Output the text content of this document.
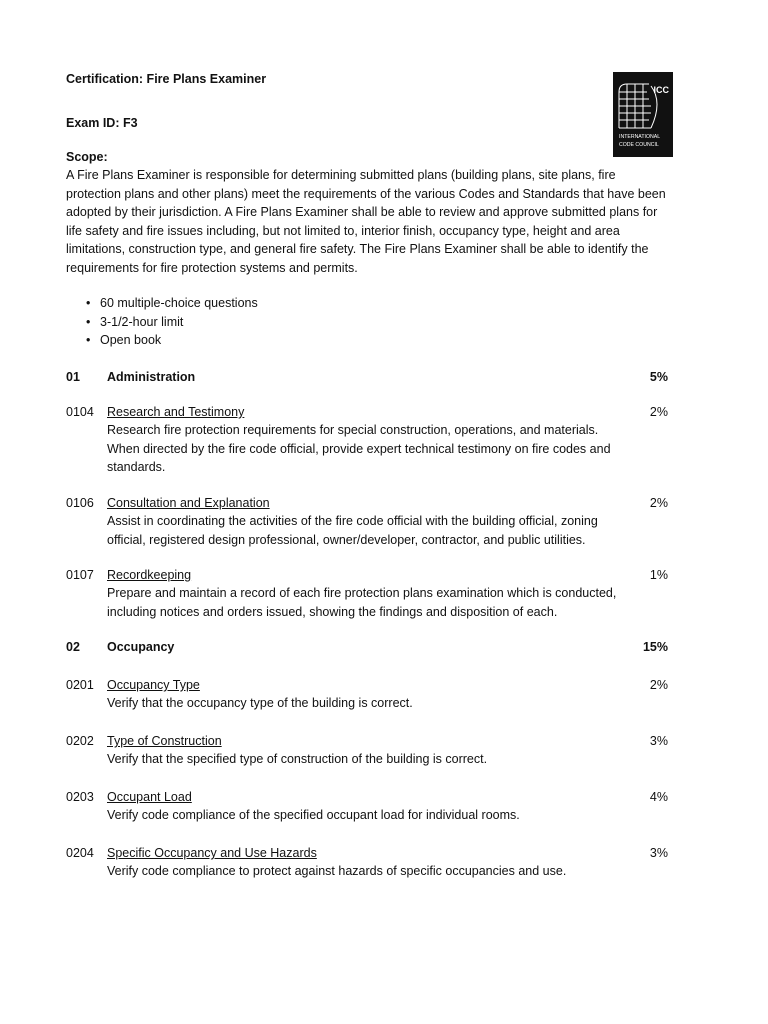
Certification: Fire Plans Examiner
Exam ID: F3
Scope:
ICC
INTERNATIONAL
CODE COUNCIL
A Fire Plans Examiner is responsible for determining submitted plans (building plans, site plans, fire protection plans and other plans) meet the requirements of the various Codes and Standards that have been adopted by their jurisdiction. A Fire Plans Examiner shall be able to review and approve submitted plans for life safety and fire issues including, but not limited to, interior finish, occupancy type, height and area limitations, construction type, and general fire safety. The Fire Plans Examiner shall be able to identify the requirements for fire protection systems and permits.
• 60 multiple-choice questions
• 3-1/2-hour limit
• Open book
01	Administration	5%
0104	Research and Testimony	2%
Research fire protection requirements for special construction, operations, and materials.
When directed by the fire code official, provide expert technical testimony on fire codes and
standards.
0106	Consultation and Explanation	2%
Assist in coordinating the activities of the fire code official with the building official, zoning
official, registered design professional, owner/developer, contractor, and public utilities.
0107	Recordkeeping	1%
Prepare and maintain a record of each fire protection plans examination which is conducted,
including notices and orders issued, showing the findings and disposition of each.
02	Occupancy	15%
0201	Occupancy Type	2%
Verify that the occupancy type of the building is correct.
0202	Type of Construction	3%
Verify that the specified type of construction of the building is correct.
0203	Occupant Load	4%
Verify code compliance of the specified occupant load for individual rooms.
0204	Specific Occupancy and Use Hazards	3%
Verify code compliance to protect against hazards of specific occupancies and use.
